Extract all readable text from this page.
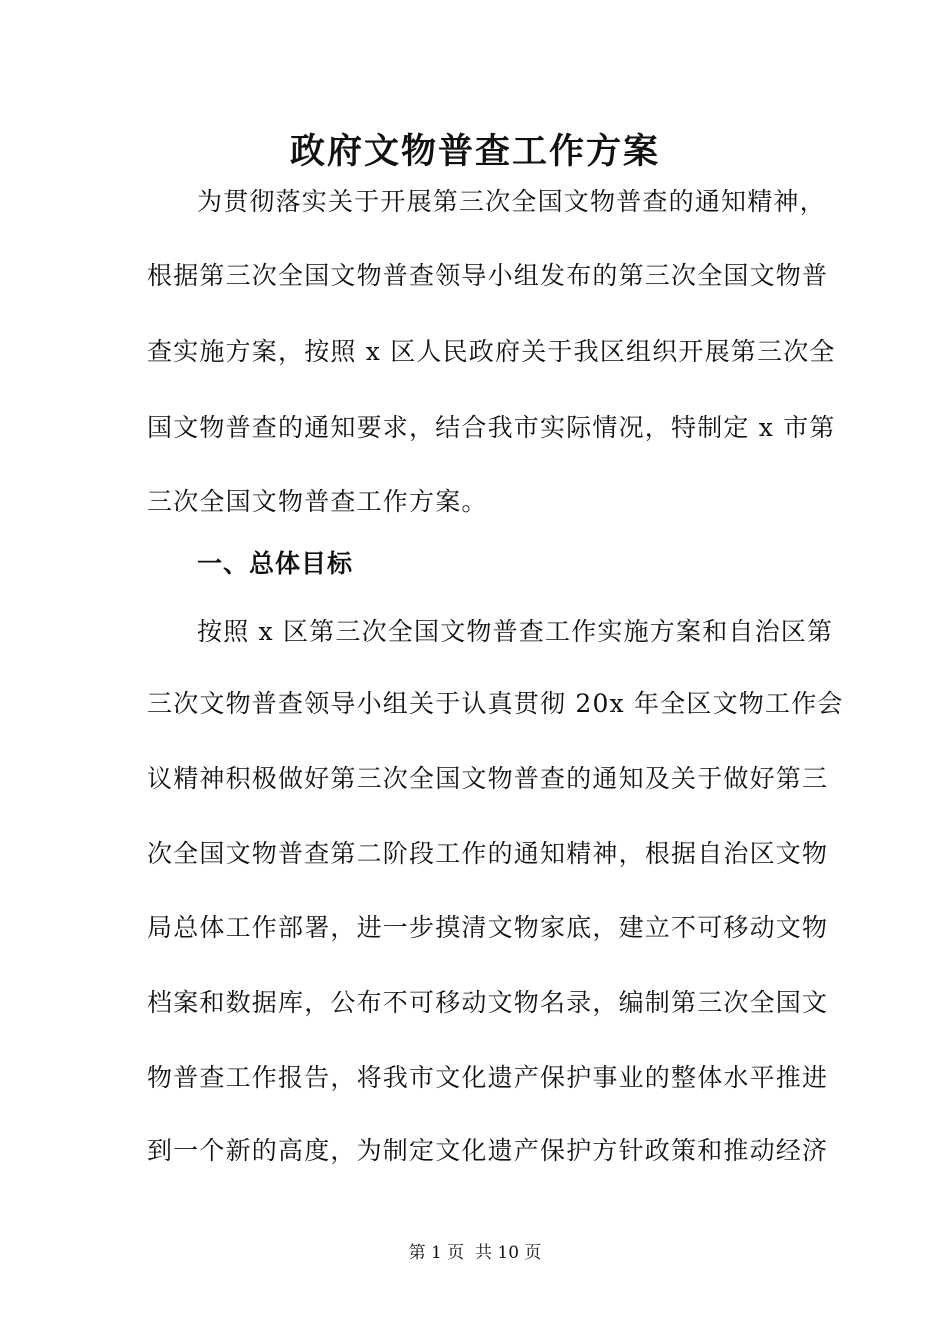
政府文物普查工作方案
为贯彻落实关于开展第三次全国文物普查的通知精神，
根据第三次全国文物普查领导小组发布的第三次全国文物普
查实施方案，按照 x 区人民政府关于我区组织开展第三次全
国文物普查的通知要求，结合我市实际情况，特制定 x 市第
三次全国文物普查工作方案。
一、总体目标
按照 x 区第三次全国文物普查工作实施方案和自治区第
三次文物普查领导小组关于认真贯彻 20x 年全区文物工作会
议精神积极做好第三次全国文物普查的通知及关于做好第三
次全国文物普查第二阶段工作的通知精神，根据自治区文物
局总体工作部署，进一步摸清文物家底，建立不可移动文物
档案和数据库，公布不可移动文物名录，编制第三次全国文
物普查工作报告，将我市文化遗产保护事业的整体水平推进
到一个新的高度，为制定文化遗产保护方针政策和推动经济
第 1 页  共 10 页
